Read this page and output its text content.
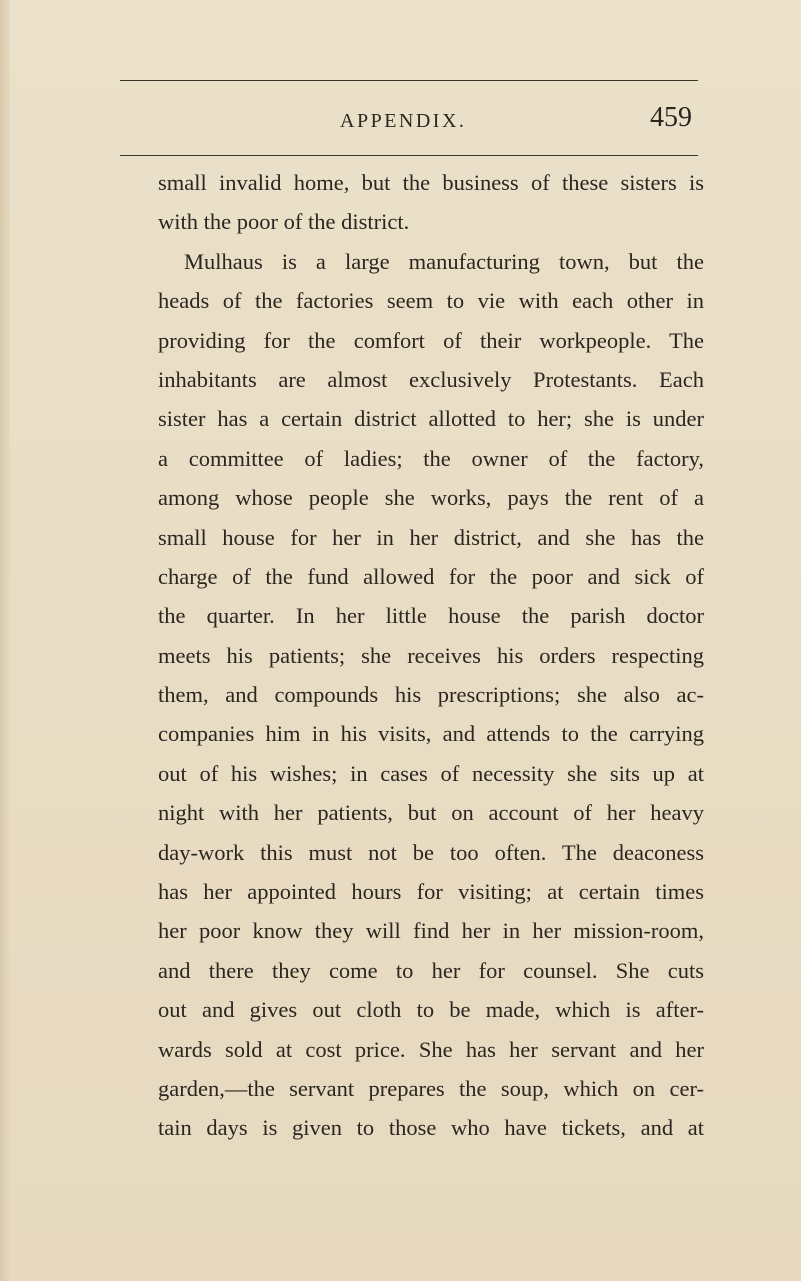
APPENDIX.	459
small invalid home, but the business of these sisters is
with the poor of the district.
Mulhaus is a large manufacturing town, but the
heads of the factories seem to vie with each other in
providing for the comfort of their workpeople. The
inhabitants are almost exclusively Protestants. Each
sister has a certain district allotted to her; she is under
a committee of ladies; the owner of the factory,
among whose people she works, pays the rent of a
small house for her in her district, and she has the
charge of the fund allowed for the poor and sick of
the quarter. In her little house the parish doctor
meets his patients; she receives his orders respecting
them, and compounds his prescriptions; she also ac-
companies him in his visits, and attends to the carrying
out of his wishes; in cases of necessity she sits up at
night with her patients, but on account of her heavy
day-work this must not be too often. The deaconess
has her appointed hours for visiting; at certain times
her poor know they will find her in her mission-room,
and there they come to her for counsel. She cuts
out and gives out cloth to be made, which is after-
wards sold at cost price. She has her servant and her
garden,—the servant prepares the soup, which on cer-
tain days is given to those who have tickets, and at
